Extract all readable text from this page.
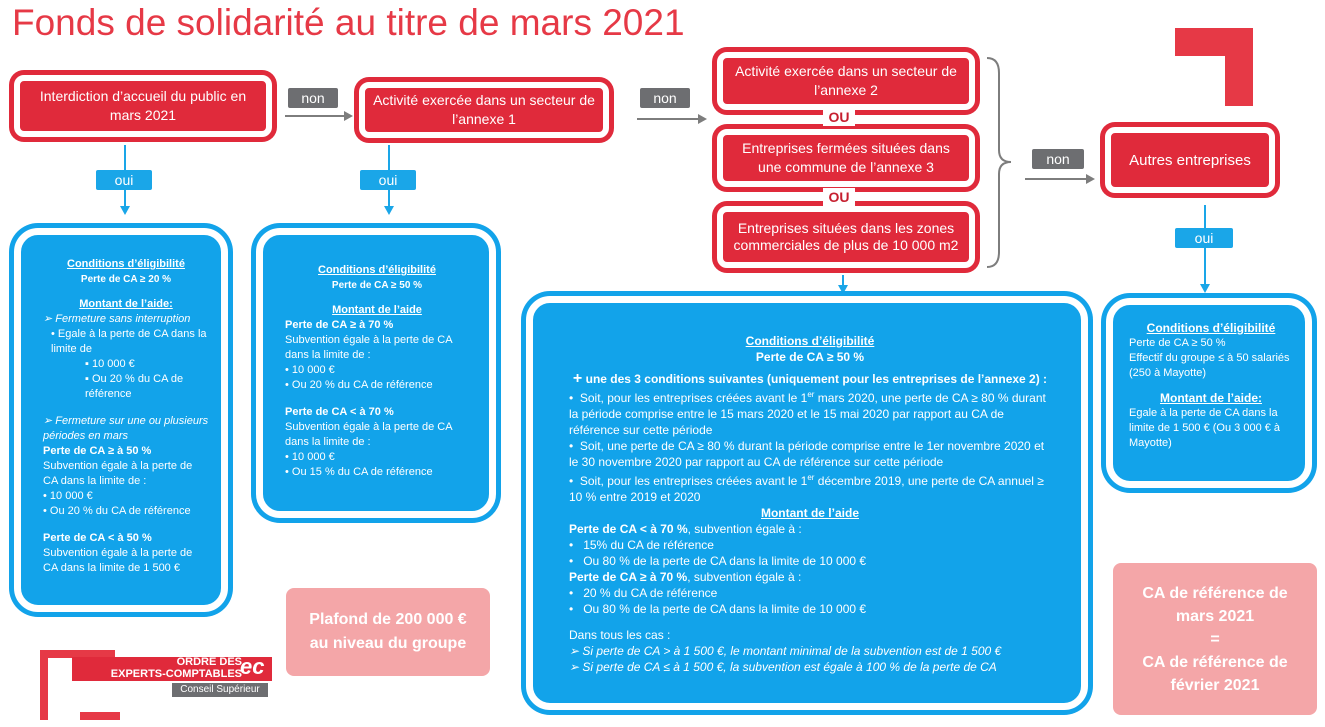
Fonds de solidarité au titre de mars 2021
Interdiction d’accueil du public en mars 2021
Activité exercée dans un secteur de l’annexe 1
Activité exercée dans un secteur de l’annexe 2
Entreprises fermées situées dans une commune de l’annexe 3
Entreprises situées dans les zones commerciales de plus de 10 000 m2
Autres entreprises
OU
OU
non	non
non
oui	oui
oui
Conditions d’éligibilité
Perte de CA ≥ 20 %
Montant de l’aide:
➢ Fermeture sans interruption
• Egale à la perte de CA dans la limite de
▪ 10 000 €
▪ Ou 20 % du CA de référence
➢ Fermeture sur une ou plusieurs périodes en mars
Perte de CA ≥ à 50 %
Subvention égale à la perte de CA dans la limite de :
• 10 000 €
• Ou 20 % du CA de référence
Perte de CA < à 50 %
Subvention égale à la perte de CA dans la limite de 1 500 €
Conditions d’éligibilité
Perte de CA ≥ 50 %
Montant de l’aide
Perte de CA ≥ à 70 %
Subvention égale à la perte de CA dans la limite de :
• 10 000 €
• Ou 20 % du CA de référence
Perte de CA < à 70 %
Subvention égale à la perte de CA dans la limite de :
• 10 000 €
• Ou 15 % du CA de référence
Conditions d’éligibilité
Perte de CA ≥ 50 %
+ une des 3 conditions suivantes (uniquement pour les entreprises de l’annexe 2) :
•  Soit, pour les entreprises créées avant le 1er mars 2020, une perte de CA ≥ 80 % durant la période comprise entre le 15 mars 2020 et le 15 mai 2020 par rapport au CA de référence sur cette période
•  Soit, une perte de CA ≥ 80 % durant la période comprise entre le 1er novembre 2020 et le 30 novembre 2020 par rapport au CA de référence sur cette période
•  Soit, pour les entreprises créées avant le 1er décembre 2019, une perte de CA annuel ≥ 10 % entre 2019 et 2020
Montant de l’aide
Perte de CA < à 70 %, subvention égale à :
•   15% du CA de référence
•   Ou 80 % de la perte de CA dans la limite de 10 000 €
Perte de CA ≥ à 70 %, subvention égale à :
•   20 % du CA de référence
•   Ou 80 % de la perte de CA dans la limite de 10 000 €
Dans tous les cas :
➢ Si perte de CA > à 1 500 €, le montant minimal de la subvention est de 1 500 €
➢ Si perte de CA ≤ à 1 500 €, la subvention est égale à 100 % de la perte de CA
Conditions d’éligibilité
Perte de CA ≥ 50 %
Effectif du groupe ≤ à 50 salariés (250 à Mayotte)
Montant de l’aide:
Egale à la perte de CA dans la limite de 1 500 € (Ou 3 000 € à Mayotte)
Plafond de 200 000 €
au niveau du groupe
CA de référence de
mars 2021
=
CA de référence de
février 2021
ORDRE DES
EXPERTS-COMPTABLES
ec
Conseil Supérieur
